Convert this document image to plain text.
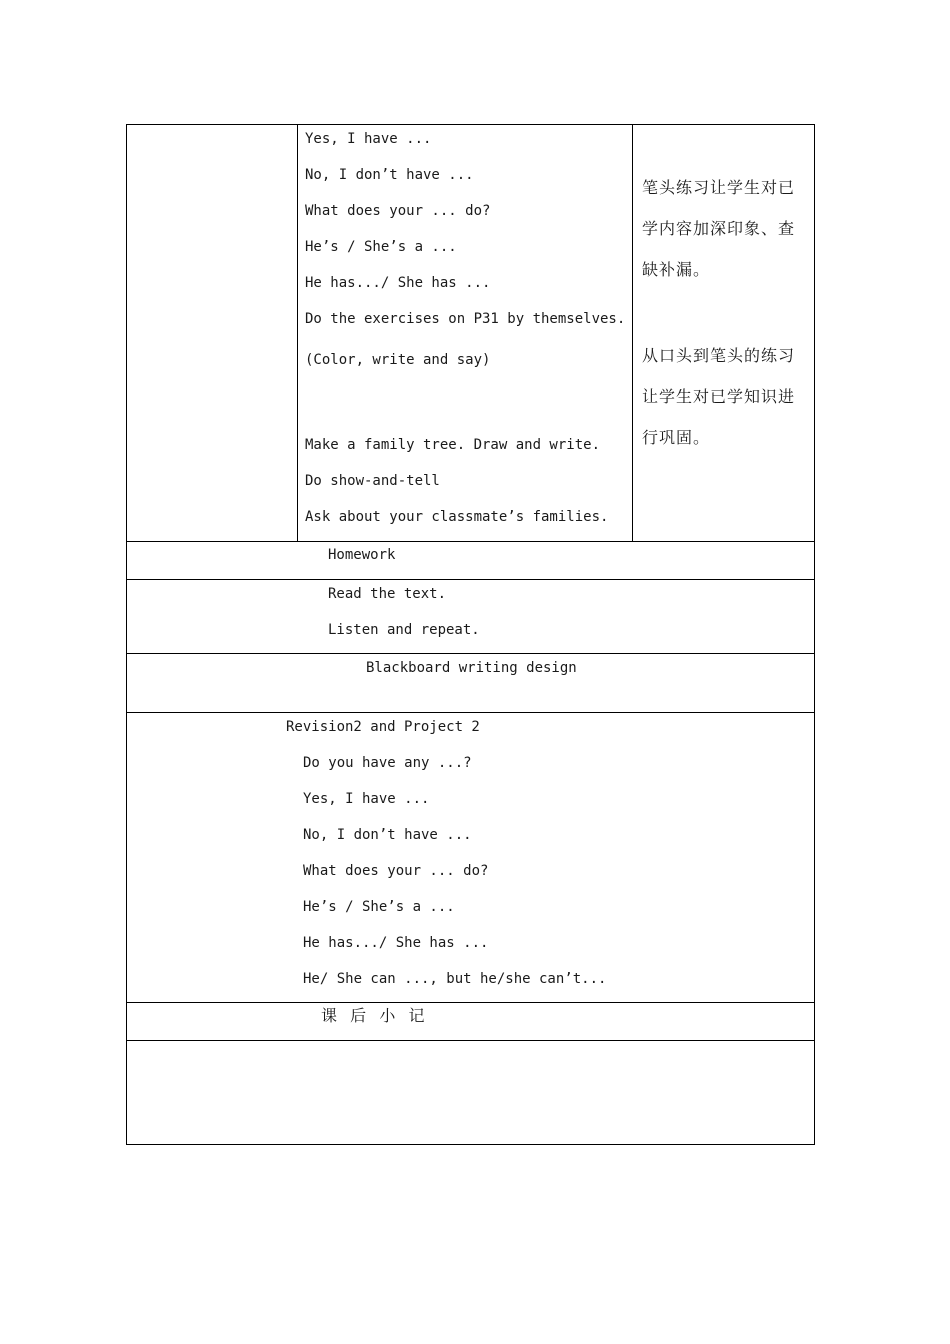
Yes, I have ...
No, I don’t have ...
What does your ... do?
He’s / She’s a ...
He has.../ She has ...
Do the exercises on P31 by themselves.
(Color, write and say)
Make a family tree. Draw and write.
Do show-and-tell
Ask about your classmate’s families.
笔头练习让学生对已
学内容加深印象、查
缺补漏。
从口头到笔头的练习
让学生对已学知识进
行巩固。
Homework
Read the text.
Listen and repeat.
Blackboard writing design
Revision2 and Project 2
Do you have any ...?
Yes, I have ...
No, I don’t have ...
What does your ... do?
He’s / She’s a ...
He has.../ She has ...
He/ She can ..., but he/she can’t...
课  后  小  记
